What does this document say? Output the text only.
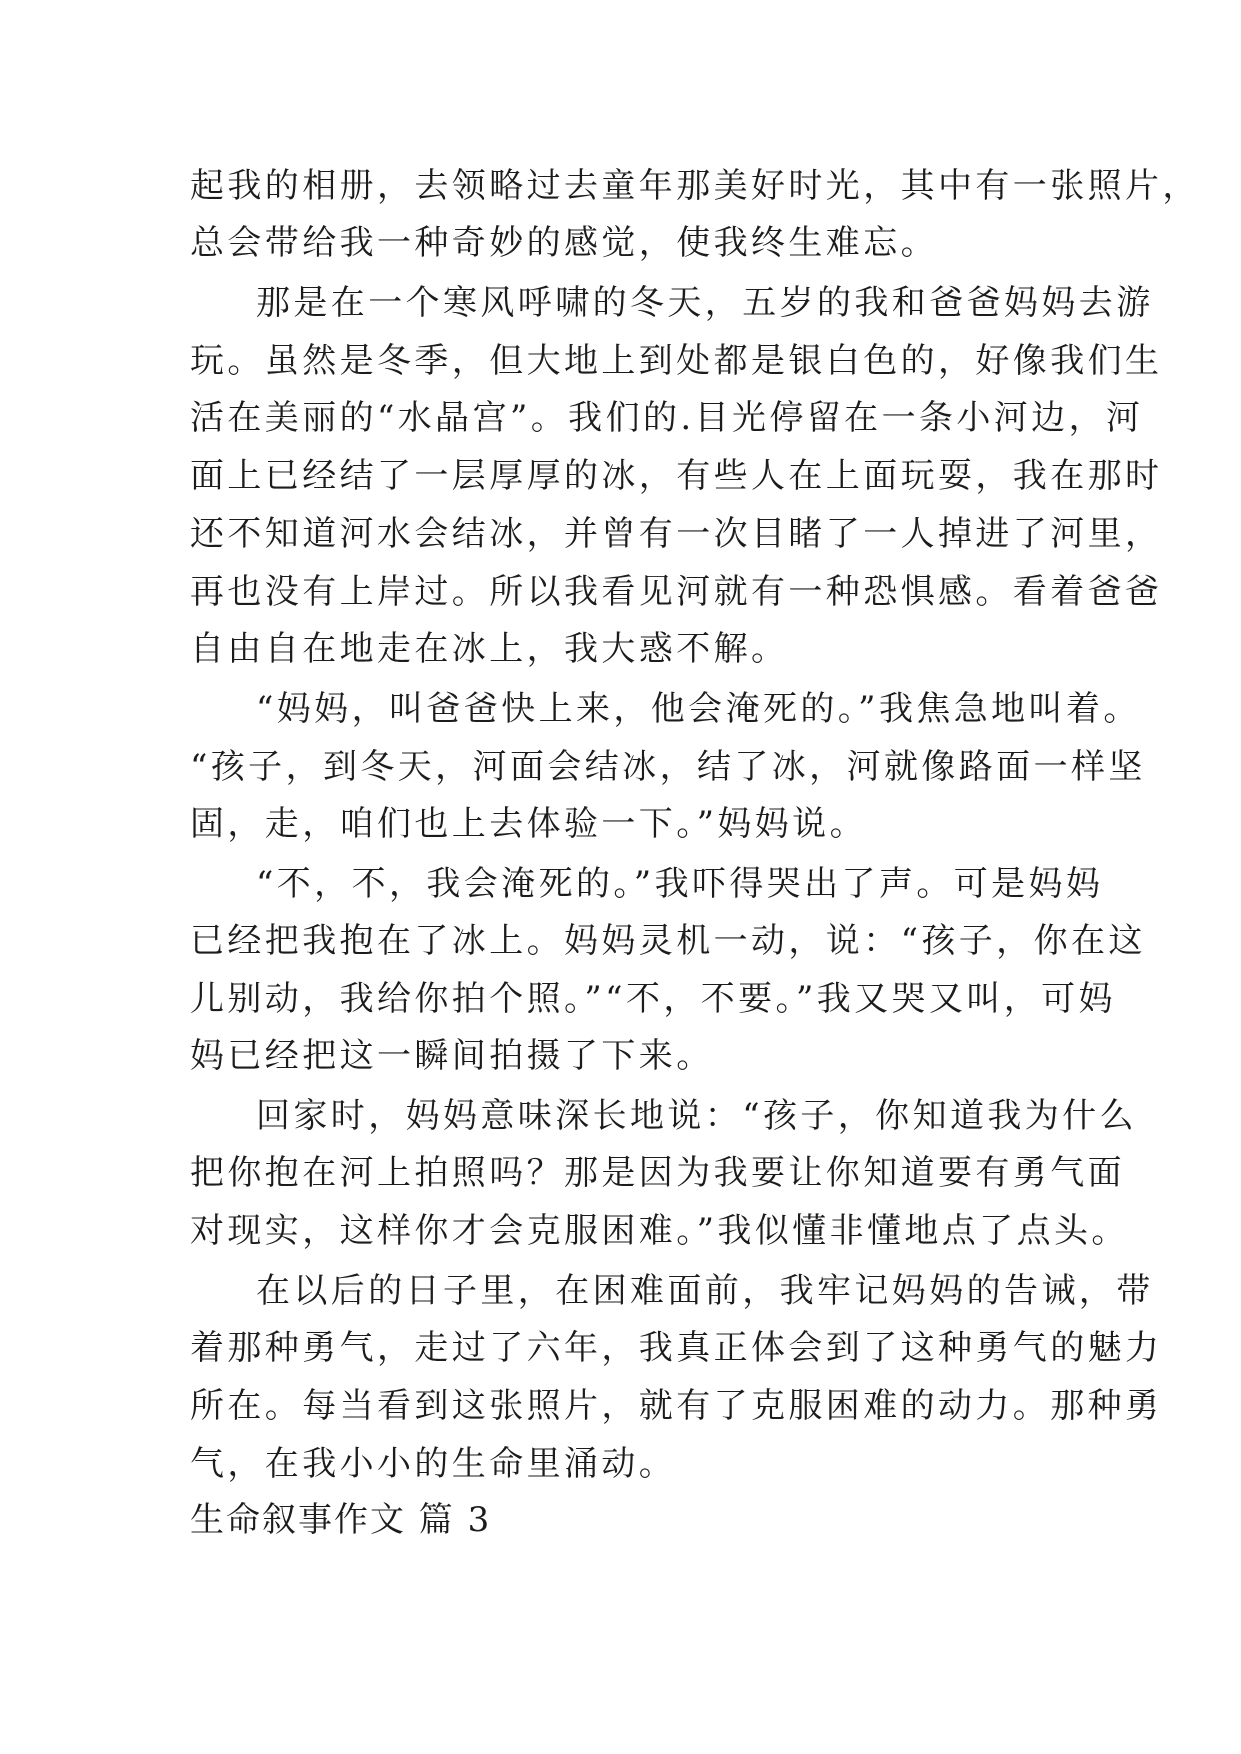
起我的相册，去领略过去童年那美好时光，其中有一张照片，
总会带给我一种奇妙的感觉，使我终生难忘。
那是在一个寒风呼啸的冬天，五岁的我和爸爸妈妈去游
玩。虽然是冬季，但大地上到处都是银白色的，好像我们生
活在美丽的“水晶宫”。我们的.目光停留在一条小河边，河
面上已经结了一层厚厚的冰，有些人在上面玩耍，我在那时
还不知道河水会结冰，并曾有一次目睹了一人掉进了河里，
再也没有上岸过。所以我看见河就有一种恐惧感。看着爸爸
自由自在地走在冰上，我大惑不解。
“妈妈，叫爸爸快上来，他会淹死的。”我焦急地叫着。
“孩子，到冬天，河面会结冰，结了冰，河就像路面一样坚
固，走，咱们也上去体验一下。”妈妈说。
“不，不，我会淹死的。”我吓得哭出了声。可是妈妈
已经把我抱在了冰上。妈妈灵机一动，说：“孩子，你在这
儿别动，我给你拍个照。”“不，不要。”我又哭又叫，可妈
妈已经把这一瞬间拍摄了下来。
回家时，妈妈意味深长地说：“孩子，你知道我为什么
把你抱在河上拍照吗？那是因为我要让你知道要有勇气面
对现实，这样你才会克服困难。”我似懂非懂地点了点头。
在以后的日子里，在困难面前，我牢记妈妈的告诫，带
着那种勇气，走过了六年，我真正体会到了这种勇气的魅力
所在。每当看到这张照片，就有了克服困难的动力。那种勇
气，在我小小的生命里涌动。
生命叙事作文 篇 3
